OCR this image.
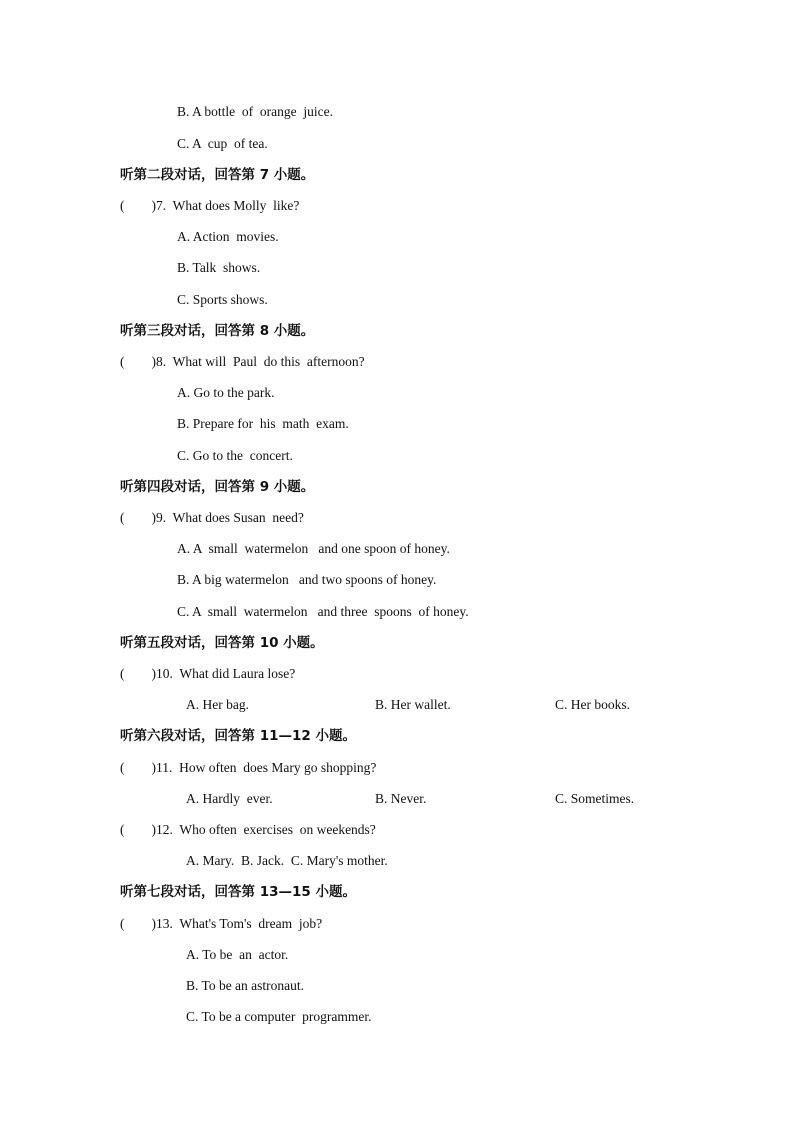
B. A bottle  of  orange  juice.
C. A  cup  of tea.
听第二段对话，回答第 7 小题。
(        )7.  What does Molly  like?
A. Action  movies.
B. Talk  shows.
C. Sports shows.
听第三段对话，回答第 8 小题。
(        )8.  What will  Paul  do this  afternoon?
A. Go to the park.
B. Prepare for  his  math  exam.
C. Go to the  concert.
听第四段对话，回答第 9 小题。
(        )9.  What does Susan  need?
A. A  small  watermelon   and one spoon of honey.
B. A big watermelon   and two spoons of honey.
C. A  small  watermelon   and three  spoons  of honey.
听第五段对话，回答第 10 小题。
(        )10.  What did Laura lose?
A. Her bag.	B. Her wallet.	C. Her books.
听第六段对话，回答第 11—12 小题。
(        )11.  How often  does Mary go shopping?
A. Hardly  ever.	B. Never.	C. Sometimes.
(        )12.  Who often  exercises  on weekends?
A. Mary.  B. Jack.  C. Mary's mother.
听第七段对话，回答第 13—15 小题。
(        )13.  What's Tom's  dream  job?
A. To be  an  actor.
B. To be an astronaut.
C. To be a computer  programmer.
